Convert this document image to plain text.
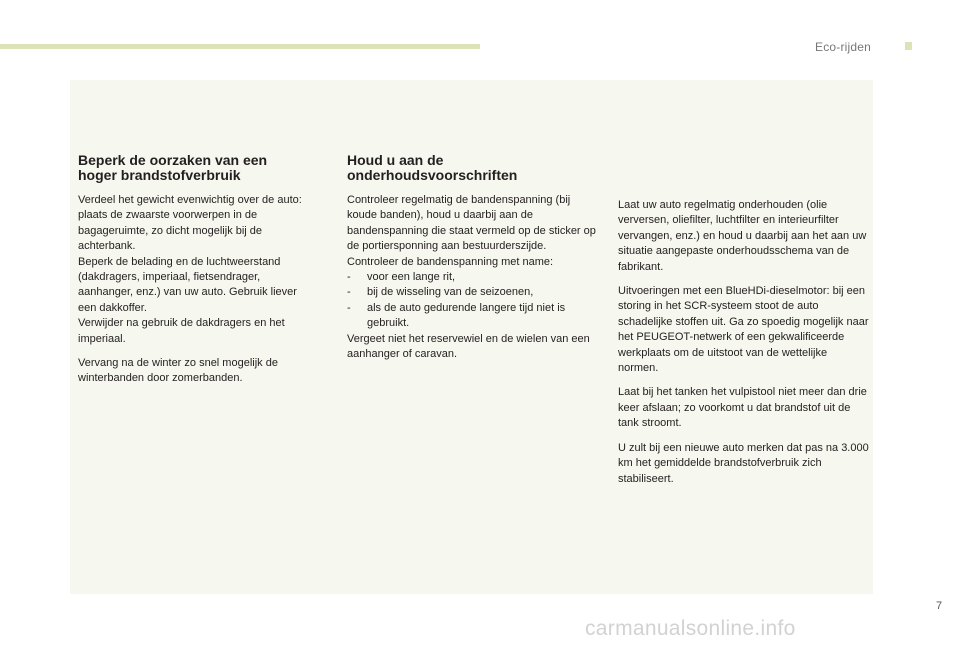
Eco-rijden
Beperk de oorzaken van een hoger brandstofverbruik

Verdeel het gewicht evenwichtig over de auto: plaats de zwaarste voorwerpen in de bagageruimte, zo dicht mogelijk bij de achterbank.
Beperk de belading en de luchtweerstand (dakdragers, imperiaal, fietsendrager, aanhanger, enz.) van uw auto. Gebruik liever een dakkoffer.
Verwijder na gebruik de dakdragers en het imperiaal.

Vervang na de winter zo snel mogelijk de winterbanden door zomerbanden.

Houd u aan de onderhoudsvoorschriften
Controleer regelmatig de bandenspanning (bij koude banden), houd u daarbij aan de bandenspanning die staat vermeld op de sticker op de portiersponning aan bestuurderszijde.
Controleer de bandenspanning met name:
- voor een lange rit,
- bij de wisseling van de seizoenen,
- als de auto gedurende langere tijd niet is gebruikt.
Vergeet niet het reservewiel en de wielen van een aanhanger of caravan.

Laat uw auto regelmatig onderhouden (olie verversen, oliefilter, luchtfilter en interieurfilter vervangen, enz.) en houd u daarbij aan het aan uw situatie aangepaste onderhoudsschema van de fabrikant.

Uitvoeringen met een BlueHDi-dieselmotor: bij een storing in het SCR-systeem stoot de auto schadelijke stoffen uit. Ga zo spoedig mogelijk naar het PEUGEOT-netwerk of een gekwalificeerde werkplaats om de uitstoot van de wettelijke normen.

Laat bij het tanken het vulpistool niet meer dan drie keer afslaan; zo voorkomt u dat brandstof uit de tank stroomt.

U zult bij een nieuwe auto merken dat pas na 3.000 km het gemiddelde brandstofverbruik zich stabiliseert.

7
carmanualsonline.info
